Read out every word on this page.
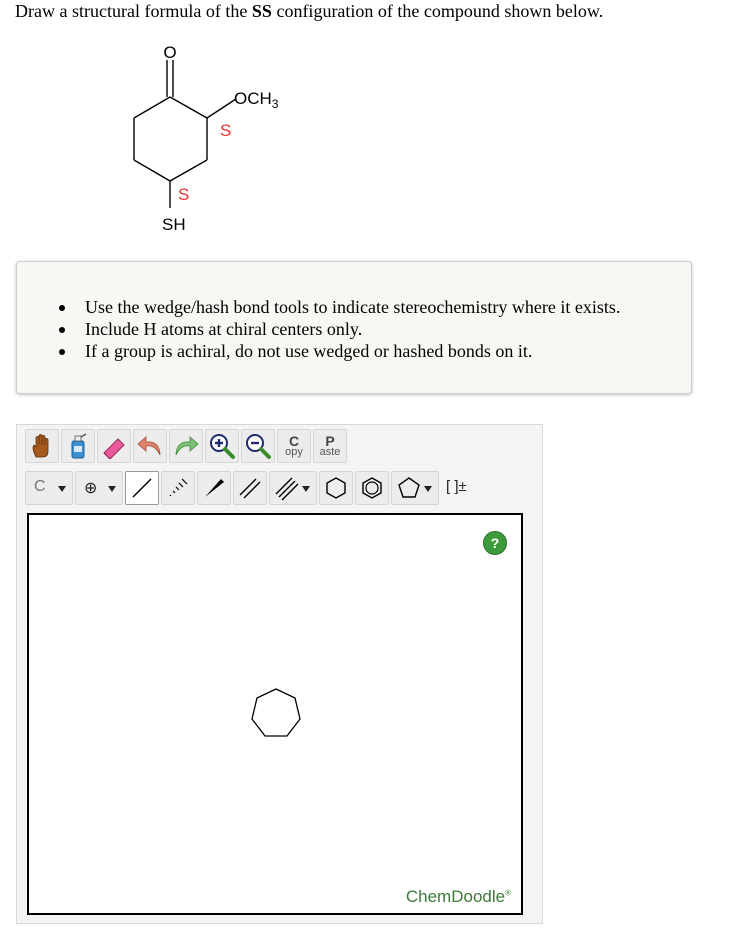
Draw a structural formula of the SS configuration of the compound shown below.
O
$OCH_3$
S
S
SH
Use the wedge/hash bond tools to indicate stereochemistry where it exists.
Include H atoms at chiral centers only.
If a group is achiral, do not use wedged or hashed bonds on it.
C
opy
P
aste
C ⊕	[ ]±
?
ChemDoodle®
